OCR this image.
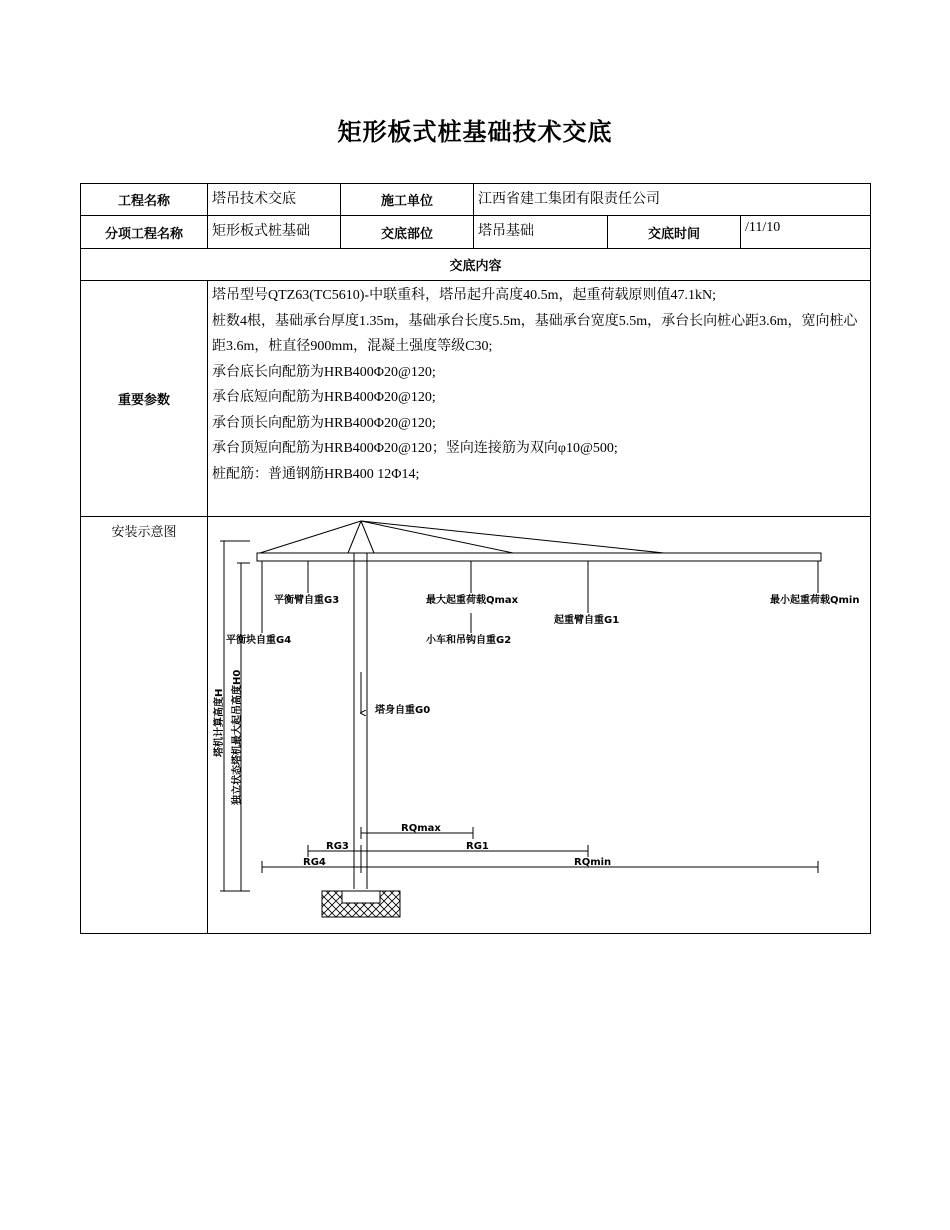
矩形板式桩基础技术交底
工程名称	塔吊技术交底	施工单位	江西省建工集团有限责任公司
分项工程名称	矩形板式桩基础	交底部位	塔吊基础	交底时间	/11/10
交底内容
重要参数
塔吊型号QTZ63(TC5610)-中联重科，塔吊起升高度40.5m，起重荷载原则值47.1kN;
桩数4根，基础承台厚度1.35m，基础承台长度5.5m，基础承台宽度5.5m，承台长向桩心距3.6m，宽向桩心距3.6m，桩直径900mm，混凝土强度等级C30;
承台底长向配筋为HRB400Φ20@120;
承台底短向配筋为HRB400Φ20@120;
承台顶长向配筋为HRB400Φ20@120;
承台顶短向配筋为HRB400Φ20@120；竖向连接筋为双向φ10@500;
桩配筋：普通钢筋HRB400 12Φ14;
安装示意图
平衡臂自重G3	最大起重荷载Qmax	最小起重荷载Qmin
起重臂自重G1
平衡块自重G4	小车和吊钩自重G2
塔身自重G0
塔机计算高度H 独立状态塔机最大起吊高度H0
RQmax
RG3	RG1
RG4	RQmin
